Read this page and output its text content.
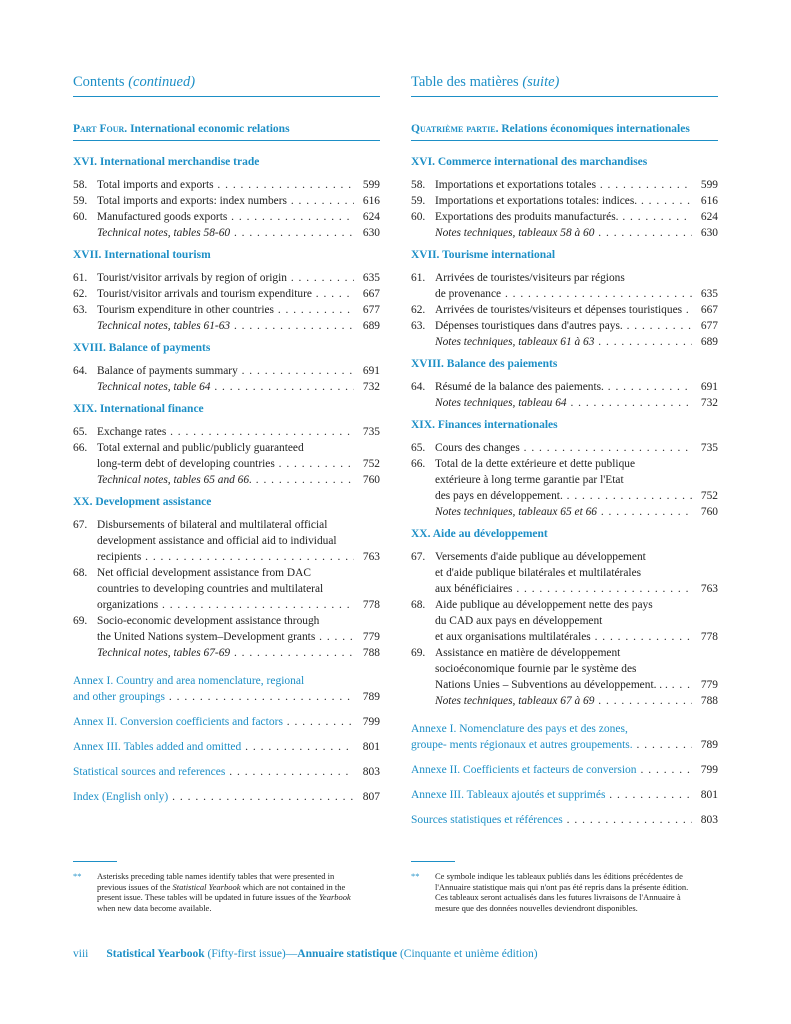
Contents (continued)
Part Four. International economic relations
XVI. International merchandise trade
58. Total imports and exports . . .	599
59. Total imports and exports: index numbers . . .	616
60. Manufactured goods exports . . .	624
Technical notes, tables 58-60 . . .	630
XVII. International tourism
61. Tourist/visitor arrivals by region of origin . . .	635
62. Tourist/visitor arrivals and tourism expenditure . . .	667
63. Tourism expenditure in other countries . . .	677
Technical notes, tables 61-63 . . .	689
XVIII. Balance of payments
64. Balance of payments summary . . .	691
Technical notes, table 64 . . .	732
XIX. International finance
65. Exchange rates . . .	735
66. Total external and public/publicly guaranteed
long-term debt of developing countries . . .	752
Technical notes, tables 65 and 66. . . .	760
XX. Development assistance
67. Disbursements of bilateral and multilateral official
development assistance and official aid to individual
recipients . . .	763
68. Net official development assistance from DAC
countries to developing countries and multilateral
organizations . . .	778
69. Socio-economic development assistance through
the United Nations system–Development grants . . .	779
Technical notes, tables 67-69 . . .	788
Annex I. Country and area nomenclature, regional
and other groupings . . .	789
Annex II. Conversion coefficients and factors . . .	799
Annex III. Tables added and omitted . . .	801
Statistical sources and references . . .	803
Index (English only) . . .	807
Table des matières (suite)
Quatrième partie. Relations économiques internationales
XVI. Commerce international des marchandises
58. Importations et exportations totales . . .	599
59. Importations et exportations totales: indices. . . .	616
60. Exportations des produits manufacturés. . . .	624
Notes techniques, tableaux 58 à 60 . . .	630
XVII. Tourisme international
61. Arrivées de touristes/visiteurs par régions
de provenance . . .	635
62. Arrivées de touristes/visiteurs et dépenses touristiques . . .	667
63. Dépenses touristiques dans d'autres pays. . . .	677
Notes techniques, tableaux 61 à 63 . . .	689
XVIII. Balance des paiements
64. Résumé de la balance des paiements. . . .	691
Notes techniques, tableau 64 . . .	732
XIX. Finances internationales
65. Cours des changes . . .	735
66. Total de la dette extérieure et dette publique
extérieure à long terme garantie par l'Etat
des pays en développement. . . .	752
Notes techniques, tableaux 65 et 66 . . .	760
XX. Aide au développement
67. Versements d'aide publique au développement
et d'aide publique bilatérales et multilatérales
aux bénéficiaires . . .	763
68. Aide publique au développement nette des pays
du CAD aux pays en développement
et aux organisations multilatérales . . .	778
69. Assistance en matière de développement
socioéconomique fournie par le système des
Nations Unies – Subventions au développement. . . . . .	779
Notes techniques, tableaux 67 à 69 . . .	788
Annexe I. Nomenclature des pays et des zones,
groupe- ments régionaux et autres groupements. . . .	789
Annexe II. Coefficients et facteurs de conversion . . .	799
Annexe III. Tableaux ajoutés et supprimés . . .	801
Sources statistiques et références . . .	803
**	Asterisks preceding table names identify tables that were presented in previous issues of the Statistical Yearbook which are not contained in the present issue. These tables will be updated in future issues of the Yearbook when new data become available.
**	Ce symbole indique les tableaux publiés dans les éditions précédentes de l'Annuaire statistique mais qui n'ont pas été repris dans la présente édition. Ces tableaux seront actualisés dans les futures livraisons de l'Annuaire à mesure que des données nouvelles deviendront disponibles.
viii Statistical Yearbook (Fifty-first issue)—Annuaire statistique (Cinquante et unième édition)
